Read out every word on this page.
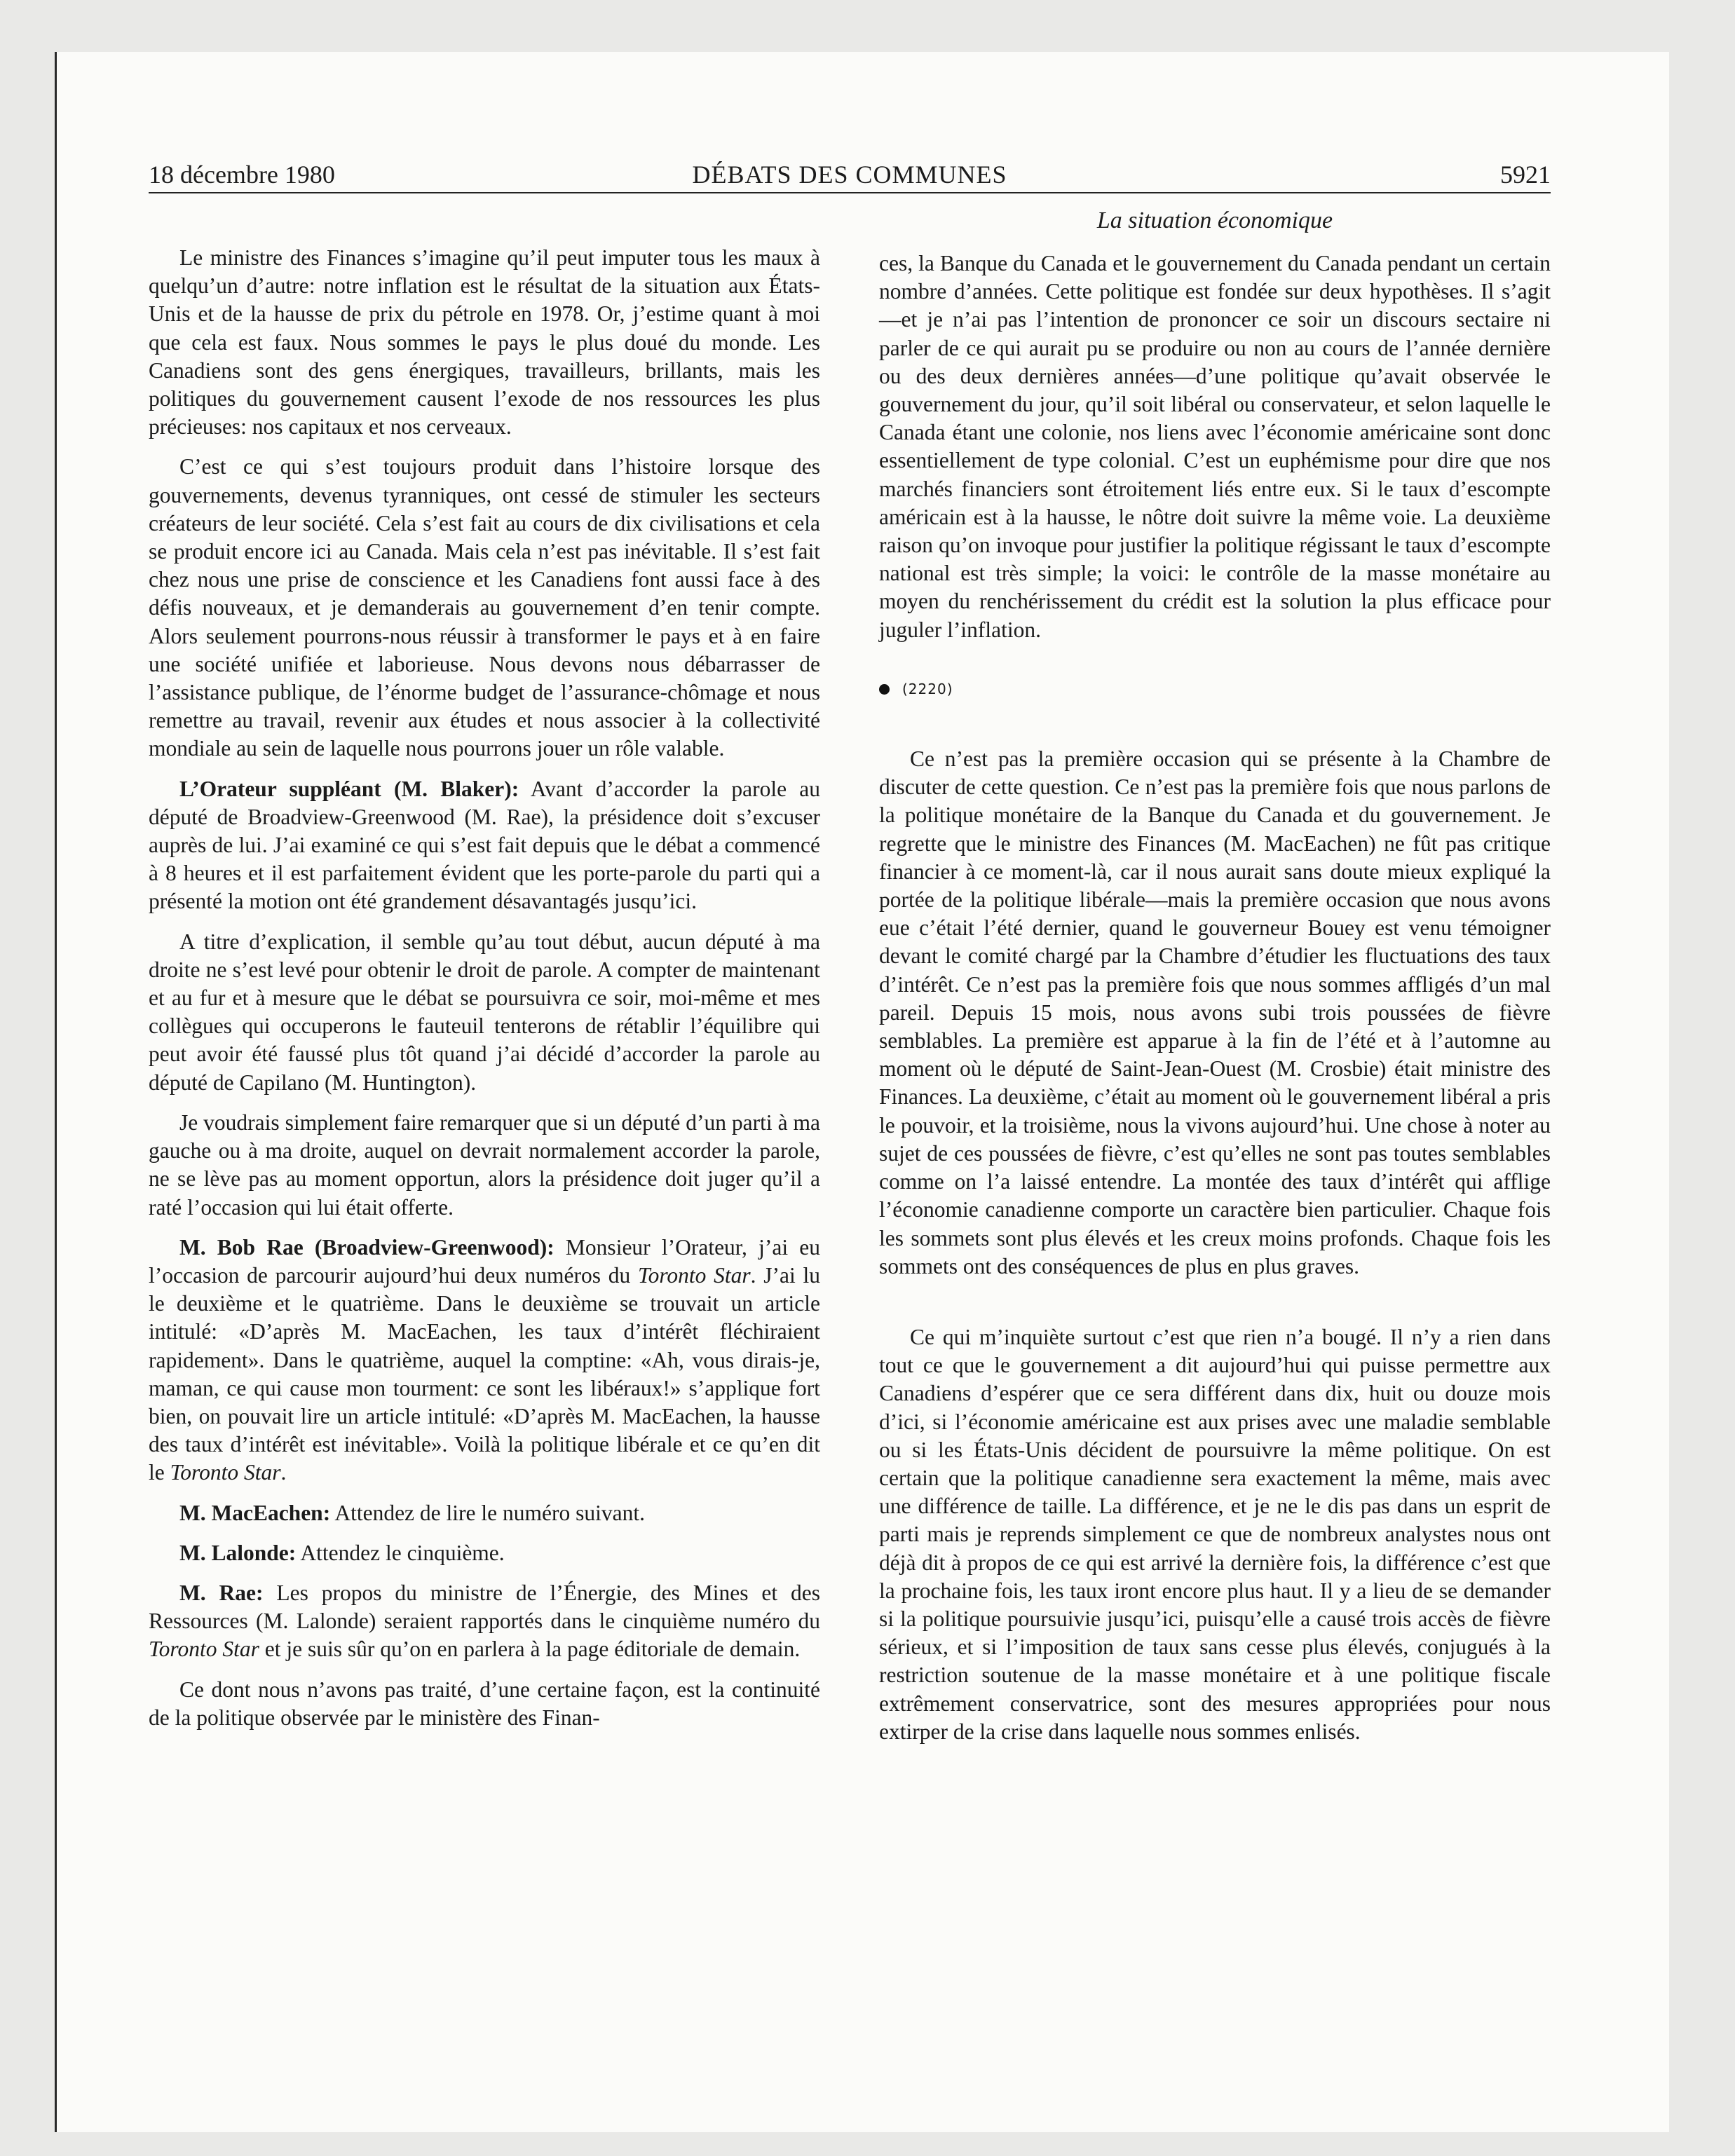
18 décembre 1980	DÉBATS DES COMMUNES	5921
La situation économique

Le ministre des Finances s’imagine qu’il peut imputer tous les maux à quelqu’un d’autre: notre inflation est le résultat de la situation aux États-Unis et de la hausse de prix du pétrole en 1978. Or, j’estime quant à moi que cela est faux. Nous sommes le pays le plus doué du monde. Les Canadiens sont des gens énergiques, travailleurs, brillants, mais les politiques du gouvernement causent l’exode de nos ressources les plus précieuses: nos capitaux et nos cerveaux.

C’est ce qui s’est toujours produit dans l’histoire lorsque des gouvernements, devenus tyranniques, ont cessé de stimuler les secteurs créateurs de leur société. Cela s’est fait au cours de dix civilisations et cela se produit encore ici au Canada. Mais cela n’est pas inévitable. Il s’est fait chez nous une prise de conscience et les Canadiens font aussi face à des défis nouveaux, et je demanderais au gouvernement d’en tenir compte. Alors seulement pourrons-nous réussir à transformer le pays et à en faire une société unifiée et laborieuse. Nous devons nous débarrasser de l’assistance publique, de l’énorme budget de l’assurance-chômage et nous remettre au travail, revenir aux études et nous associer à la collectivité mondiale au sein de laquelle nous pourrons jouer un rôle valable.

L’Orateur suppléant (M. Blaker): Avant d’accorder la parole au député de Broadview-Greenwood (M. Rae), la présidence doit s’excuser auprès de lui. J’ai examiné ce qui s’est fait depuis que le débat a commencé à 8 heures et il est parfaitement évident que les porte-parole du parti qui a présenté la motion ont été grandement désavantagés jusqu’ici.

A titre d’explication, il semble qu’au tout début, aucun député à ma droite ne s’est levé pour obtenir le droit de parole. A compter de maintenant et au fur et à mesure que le débat se poursuivra ce soir, moi-même et mes collègues qui occuperons le fauteuil tenterons de rétablir l’équilibre qui peut avoir été faussé plus tôt quand j’ai décidé d’accorder la parole au député de Capilano (M. Huntington).

Je voudrais simplement faire remarquer que si un député d’un parti à ma gauche ou à ma droite, auquel on devrait normalement accorder la parole, ne se lève pas au moment opportun, alors la présidence doit juger qu’il a raté l’occasion qui lui était offerte.

M. Bob Rae (Broadview-Greenwood): Monsieur l’Orateur, j’ai eu l’occasion de parcourir aujourd’hui deux numéros du Toronto Star. J’ai lu le deuxième et le quatrième. Dans le deuxième se trouvait un article intitulé: «D’après M. MacEachen, les taux d’intérêt fléchiraient rapidement». Dans le quatrième, auquel la comptine: «Ah, vous dirais-je, maman, ce qui cause mon tourment: ce sont les libéraux!» s’applique fort bien, on pouvait lire un article intitulé: «D’après M. MacEachen, la hausse des taux d’intérêt est inévitable». Voilà la politique libérale et ce qu’en dit le Toronto Star.

M. MacEachen: Attendez de lire le numéro suivant.

M. Lalonde: Attendez le cinquième.

M. Rae: Les propos du ministre de l’Énergie, des Mines et des Ressources (M. Lalonde) seraient rapportés dans le cinquième numéro du Toronto Star et je suis sûr qu’on en parlera à la page éditoriale de demain.

Ce dont nous n’avons pas traité, d’une certaine façon, est la continuité de la politique observée par le ministère des Finan-

ces, la Banque du Canada et le gouvernement du Canada pendant un certain nombre d’années. Cette politique est fondée sur deux hypothèses. Il s’agit—et je n’ai pas l’intention de prononcer ce soir un discours sectaire ni parler de ce qui aurait pu se produire ou non au cours de l’année dernière ou des deux dernières années—d’une politique qu’avait observée le gouvernement du jour, qu’il soit libéral ou conservateur, et selon laquelle le Canada étant une colonie, nos liens avec l’économie américaine sont donc essentiellement de type colonial. C’est un euphémisme pour dire que nos marchés financiers sont étroitement liés entre eux. Si le taux d’escompte américain est à la hausse, le nôtre doit suivre la même voie. La deuxième raison qu’on invoque pour justifier la politique régissant le taux d’escompte national est très simple; la voici: le contrôle de la masse monétaire au moyen du renchérissement du crédit est la solution la plus efficace pour juguler l’inflation.

(2220)

Ce n’est pas la première occasion qui se présente à la Chambre de discuter de cette question. Ce n’est pas la première fois que nous parlons de la politique monétaire de la Banque du Canada et du gouvernement. Je regrette que le ministre des Finances (M. MacEachen) ne fût pas critique financier à ce moment-là, car il nous aurait sans doute mieux expliqué la portée de la politique libérale—mais la première occasion que nous avons eue c’était l’été dernier, quand le gouverneur Bouey est venu témoigner devant le comité chargé par la Chambre d’étudier les fluctuations des taux d’intérêt. Ce n’est pas la première fois que nous sommes affligés d’un mal pareil. Depuis 15 mois, nous avons subi trois poussées de fièvre semblables. La première est apparue à la fin de l’été et à l’automne au moment où le député de Saint-Jean-Ouest (M. Crosbie) était ministre des Finances. La deuxième, c’était au moment où le gouvernement libéral a pris le pouvoir, et la troisième, nous la vivons aujourd’hui. Une chose à noter au sujet de ces poussées de fièvre, c’est qu’elles ne sont pas toutes semblables comme on l’a laissé entendre. La montée des taux d’intérêt qui afflige l’économie canadienne comporte un caractère bien particulier. Chaque fois les sommets sont plus élevés et les creux moins profonds. Chaque fois les sommets ont des conséquences de plus en plus graves.

Ce qui m’inquiète surtout c’est que rien n’a bougé. Il n’y a rien dans tout ce que le gouvernement a dit aujourd’hui qui puisse permettre aux Canadiens d’espérer que ce sera différent dans dix, huit ou douze mois d’ici, si l’économie américaine est aux prises avec une maladie semblable ou si les États-Unis décident de poursuivre la même politique. On est certain que la politique canadienne sera exactement la même, mais avec une différence de taille. La différence, et je ne le dis pas dans un esprit de parti mais je reprends simplement ce que de nombreux analystes nous ont déjà dit à propos de ce qui est arrivé la dernière fois, la différence c’est que la prochaine fois, les taux iront encore plus haut. Il y a lieu de se demander si la politique poursuivie jusqu’ici, puisqu’elle a causé trois accès de fièvre sérieux, et si l’imposition de taux sans cesse plus élevés, conjugués à la restriction soutenue de la masse monétaire et à une politique fiscale extrêmement conservatrice, sont des mesures appropriées pour nous extirper de la crise dans laquelle nous sommes enlisés.
